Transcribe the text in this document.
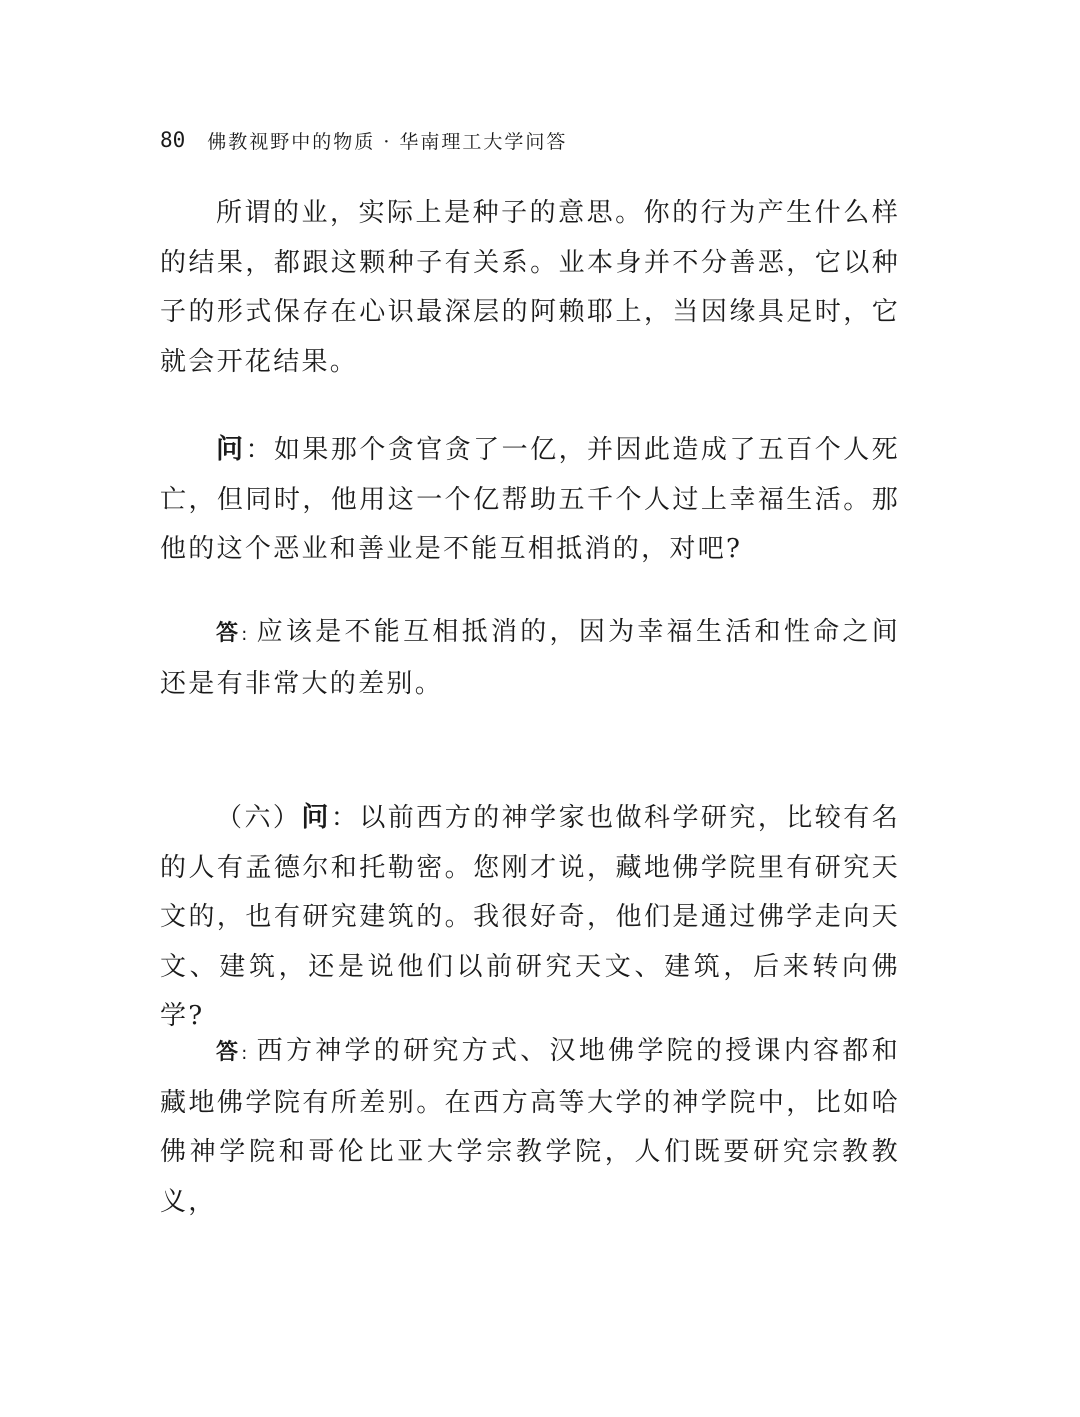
80 佛教视野中的物质 · 华南理工大学问答

所谓的业，实际上是种子的意思。你的行为产生什么样的结果，都跟这颗种子有关系。业本身并不分善恶，它以种子的形式保存在心识最深层的阿赖耶上，当因缘具足时，它就会开花结果。

问：如果那个贪官贪了一亿，并因此造成了五百个人死亡，但同时，他用这一个亿帮助五千个人过上幸福生活。那他的这个恶业和善业是不能互相抵消的，对吧?

答: 应该是不能互相抵消的，因为幸福生活和性命之间还是有非常大的差别。

（六）问：以前西方的神学家也做科学研究，比较有名的人有孟德尔和托勒密。您刚才说，藏地佛学院里有研究天文的，也有研究建筑的。我很好奇，他们是通过佛学走向天文、建筑，还是说他们以前研究天文、建筑，后来转向佛学?

答: 西方神学的研究方式、汉地佛学院的授课内容都和藏地佛学院有所差别。在西方高等大学的神学院中，比如哈佛神学院和哥伦比亚大学宗教学院，人们既要研究宗教教义，
